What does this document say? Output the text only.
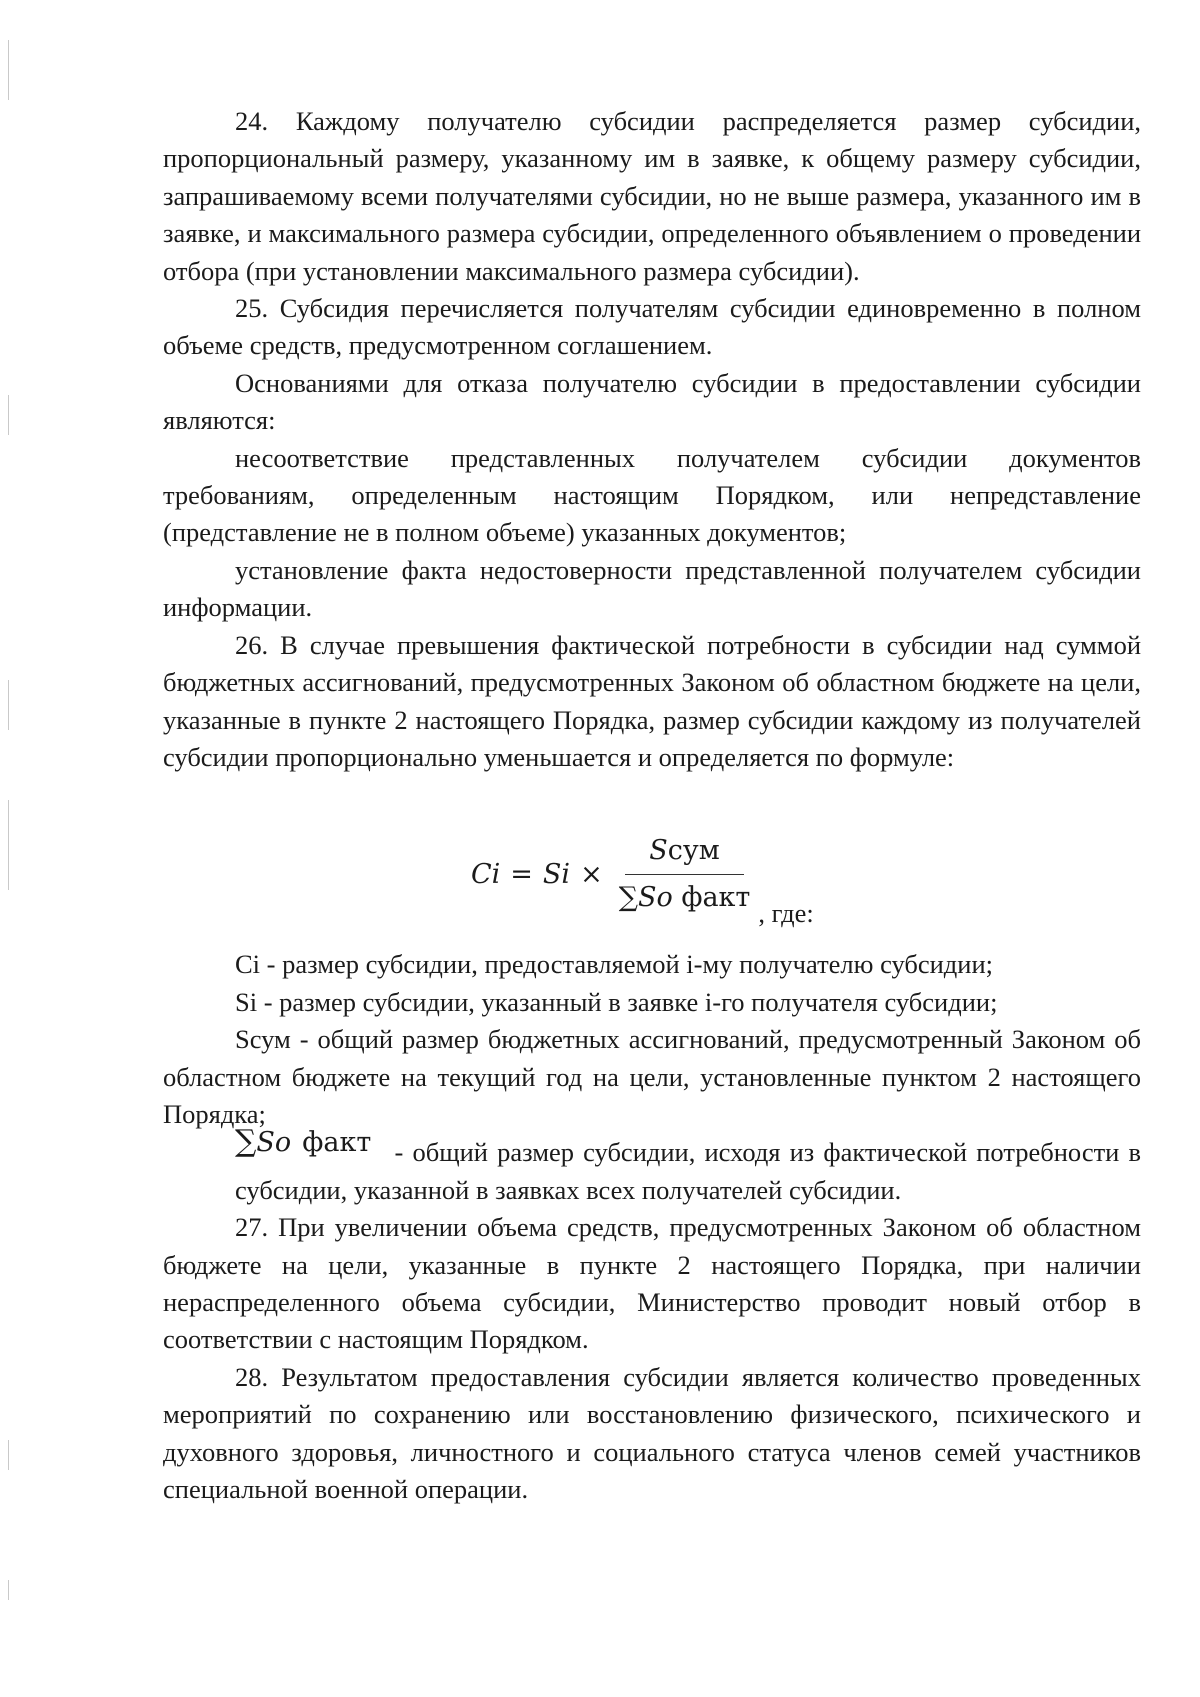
24. Каждому получателю субсидии распределяется размер субсидии, пропорциональный размеру, указанному им в заявке, к общему размеру субсидии, запрашиваемому всеми получателями субсидии, но не выше размера, указанного им в заявке, и максимального размера субсидии, определенного объявлением о проведении отбора (при установлении максимального размера субсидии).

25. Субсидия перечисляется получателям субсидии единовременно в полном объеме средств, предусмотренном соглашением.

Основаниями для отказа получателю субсидии в предоставлении субсидии являются:

несоответствие представленных получателем субсидии документов требованиям, определенным настоящим Порядком, или непредставление (представление не в полном объеме) указанных документов;

установление факта недостоверности представленной получателем субсидии информации.

26. В случае превышения фактической потребности в субсидии над суммой бюджетных ассигнований, предусмотренных Законом об областном бюджете на цели, указанные в пункте 2 настоящего Порядка, размер субсидии каждому из получателей субсидии пропорционально уменьшается и определяется по формуле:

$Ci = Si \times \frac{\text{Sсум}}{\text{∑So факт}}$ , где:

Ci - размер субсидии, предоставляемой i-му получателю субсидии;

Si - размер субсидии, указанный в заявке i-го получателя субсидии;

Sсум - общий размер бюджетных ассигнований, предусмотренный Законом об областном бюджете на текущий год на цели, установленные пунктом 2 настоящего Порядка;

∑So факт - общий размер субсидии, исходя из фактической потребности в субсидии, указанной в заявках всех получателей субсидии.

27. При увеличении объема средств, предусмотренных Законом об областном бюджете на цели, указанные в пункте 2 настоящего Порядка, при наличии нераспределенного объема субсидии, Министерство проводит новый отбор в соответствии с настоящим Порядком.

28. Результатом предоставления субсидии является количество проведенных мероприятий по сохранению или восстановлению физического, психического и духовного здоровья, личностного и социального статуса членов семей участников специальной военной операции.
